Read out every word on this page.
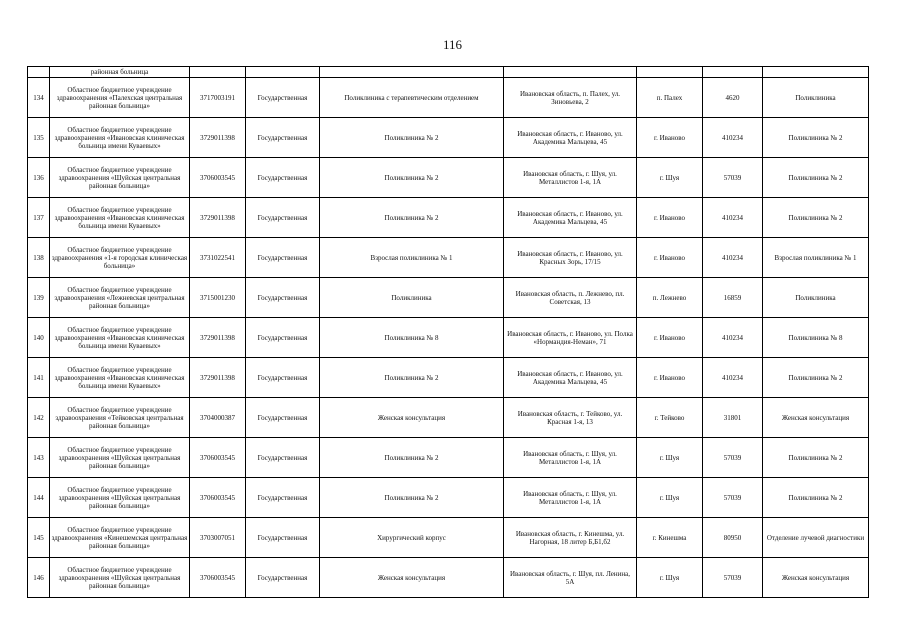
116
	районная больница							
134	Областное бюджетное учреждение здравоохранения «Палехская центральная районная больница»	3717003191	Государственная	Поликлиника с терапевтическим отделением	Ивановская область, п. Палех, ул. Зиновьева, 2	п. Палех	4620	Поликлиника
135	Областное бюджетное учреждение здравоохранения «Ивановская клиническая больница имени Куваевых»	3729011398	Государственная	Поликлиника № 2	Ивановская область, г. Иваново, ул. Академика Мальцева, 45	г. Иваново	410234	Поликлиника № 2
136	Областное бюджетное учреждение здравоохранения «Шуйская центральная районная больница»	3706003545	Государственная	Поликлиника № 2	Ивановская область, г. Шуя, ул. Металлистов 1-я, 1А	г. Шуя	57039	Поликлиника № 2
137	Областное бюджетное учреждение здравоохранения «Ивановская клиническая больница имени Куваевых»	3729011398	Государственная	Поликлиника № 2	Ивановская область, г. Иваново, ул. Академика Мальцева, 45	г. Иваново	410234	Поликлиника № 2
138	Областное бюджетное учреждение здравоохранения «1-я городская клиническая больница»	3731022541	Государственная	Взрослая поликлиника № 1	Ивановская область, г. Иваново, ул. Красных Зорь, 17/15	г. Иваново	410234	Взрослая поликлиника № 1
139	Областное бюджетное учреждение здравоохранения «Лежневская центральная районная больница»	3715001230	Государственная	Поликлиника	Ивановская область, п. Лежнево, пл. Советская, 13	п. Лежнево	16859	Поликлиника
140	Областное бюджетное учреждение здравоохранения «Ивановская клиническая больница имени Куваевых»	3729011398	Государственная	Поликлиника № 8	Ивановская область, г. Иваново, ул. Полка «Нормандия-Неман», 71	г. Иваново	410234	Поликлиника № 8
141	Областное бюджетное учреждение здравоохранения «Ивановская клиническая больница имени Куваевых»	3729011398	Государственная	Поликлиника № 2	Ивановская область, г. Иваново, ул. Академика Мальцева, 45	г. Иваново	410234	Поликлиника № 2
142	Областное бюджетное учреждение здравоохранения «Тейковская центральная районная больница»	3704000387	Государственная	Женская консультация	Ивановская область, г. Тейково, ул. Красная 1-я, 13	г. Тейково	31801	Женская консультация
143	Областное бюджетное учреждение здравоохранения «Шуйская центральная районная больница»	3706003545	Государственная	Поликлиника № 2	Ивановская область, г. Шуя, ул. Металлистов 1-я, 1А	г. Шуя	57039	Поликлиника № 2
144	Областное бюджетное учреждение здравоохранения «Шуйская центральная районная больница»	3706003545	Государственная	Поликлиника № 2	Ивановская область, г. Шуя, ул. Металлистов 1-я, 1А	г. Шуя	57039	Поликлиника № 2
145	Областное бюджетное учреждение здравоохранения «Кинешемская центральная районная больница»	3703007051	Государственная	Хирургический корпус	Ивановская область, г. Кинешма, ул. Нагорная, 18 литер Б,Б1,б2	г. Кинешма	80950	Отделение лучевой диагностики
146	Областное бюджетное учреждение здравоохранения «Шуйская центральная районная больница»	3706003545	Государственная	Женская консультация	Ивановская область, г. Шуя, пл. Ленина, 5А	г. Шуя	57039	Женская консультация
